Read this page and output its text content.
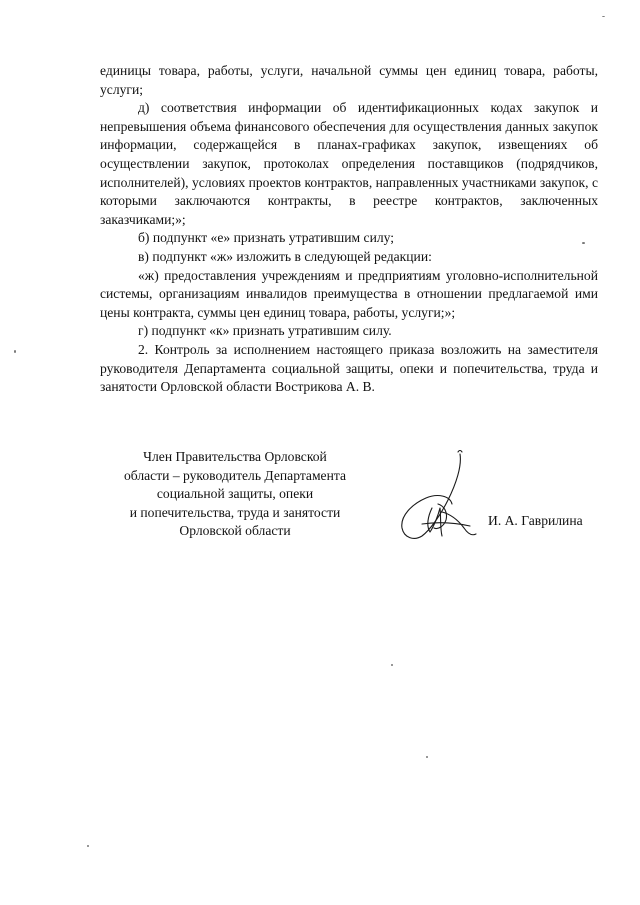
единицы товара, работы, услуги, начальной суммы цен единиц товара, работы, услуги;

д) соответствия информации об идентификационных кодах закупок и непревышения объема финансового обеспечения для осуществления данных закупок информации, содержащейся в планах-графиках закупок, извещениях об осуществлении закупок, протоколах определения поставщиков (подрядчиков, исполнителей), условиях проектов контрактов, направленных участниками закупок, с которыми заключаются контракты, в реестре контрактов, заключенных заказчиками;»;

б) подпункт «е» признать утратившим силу;

в) подпункт «ж» изложить в следующей редакции:

«ж) предоставления учреждениям и предприятиям уголовно-исполнительной системы, организациям инвалидов преимущества в отношении предлагаемой ими цены контракта, суммы цен единиц товара, работы, услуги;»;

г) подпункт «к» признать утратившим силу.

2. Контроль за исполнением настоящего приказа возложить на заместителя руководителя Департамента социальной защиты, опеки и попечительства, труда и занятости Орловской области Вострикова А. В.

Член Правительства Орловской
области – руководитель Департамента
социальной защиты, опеки
и попечительства, труда и занятости
Орловской области
И. А. Гаврилина
